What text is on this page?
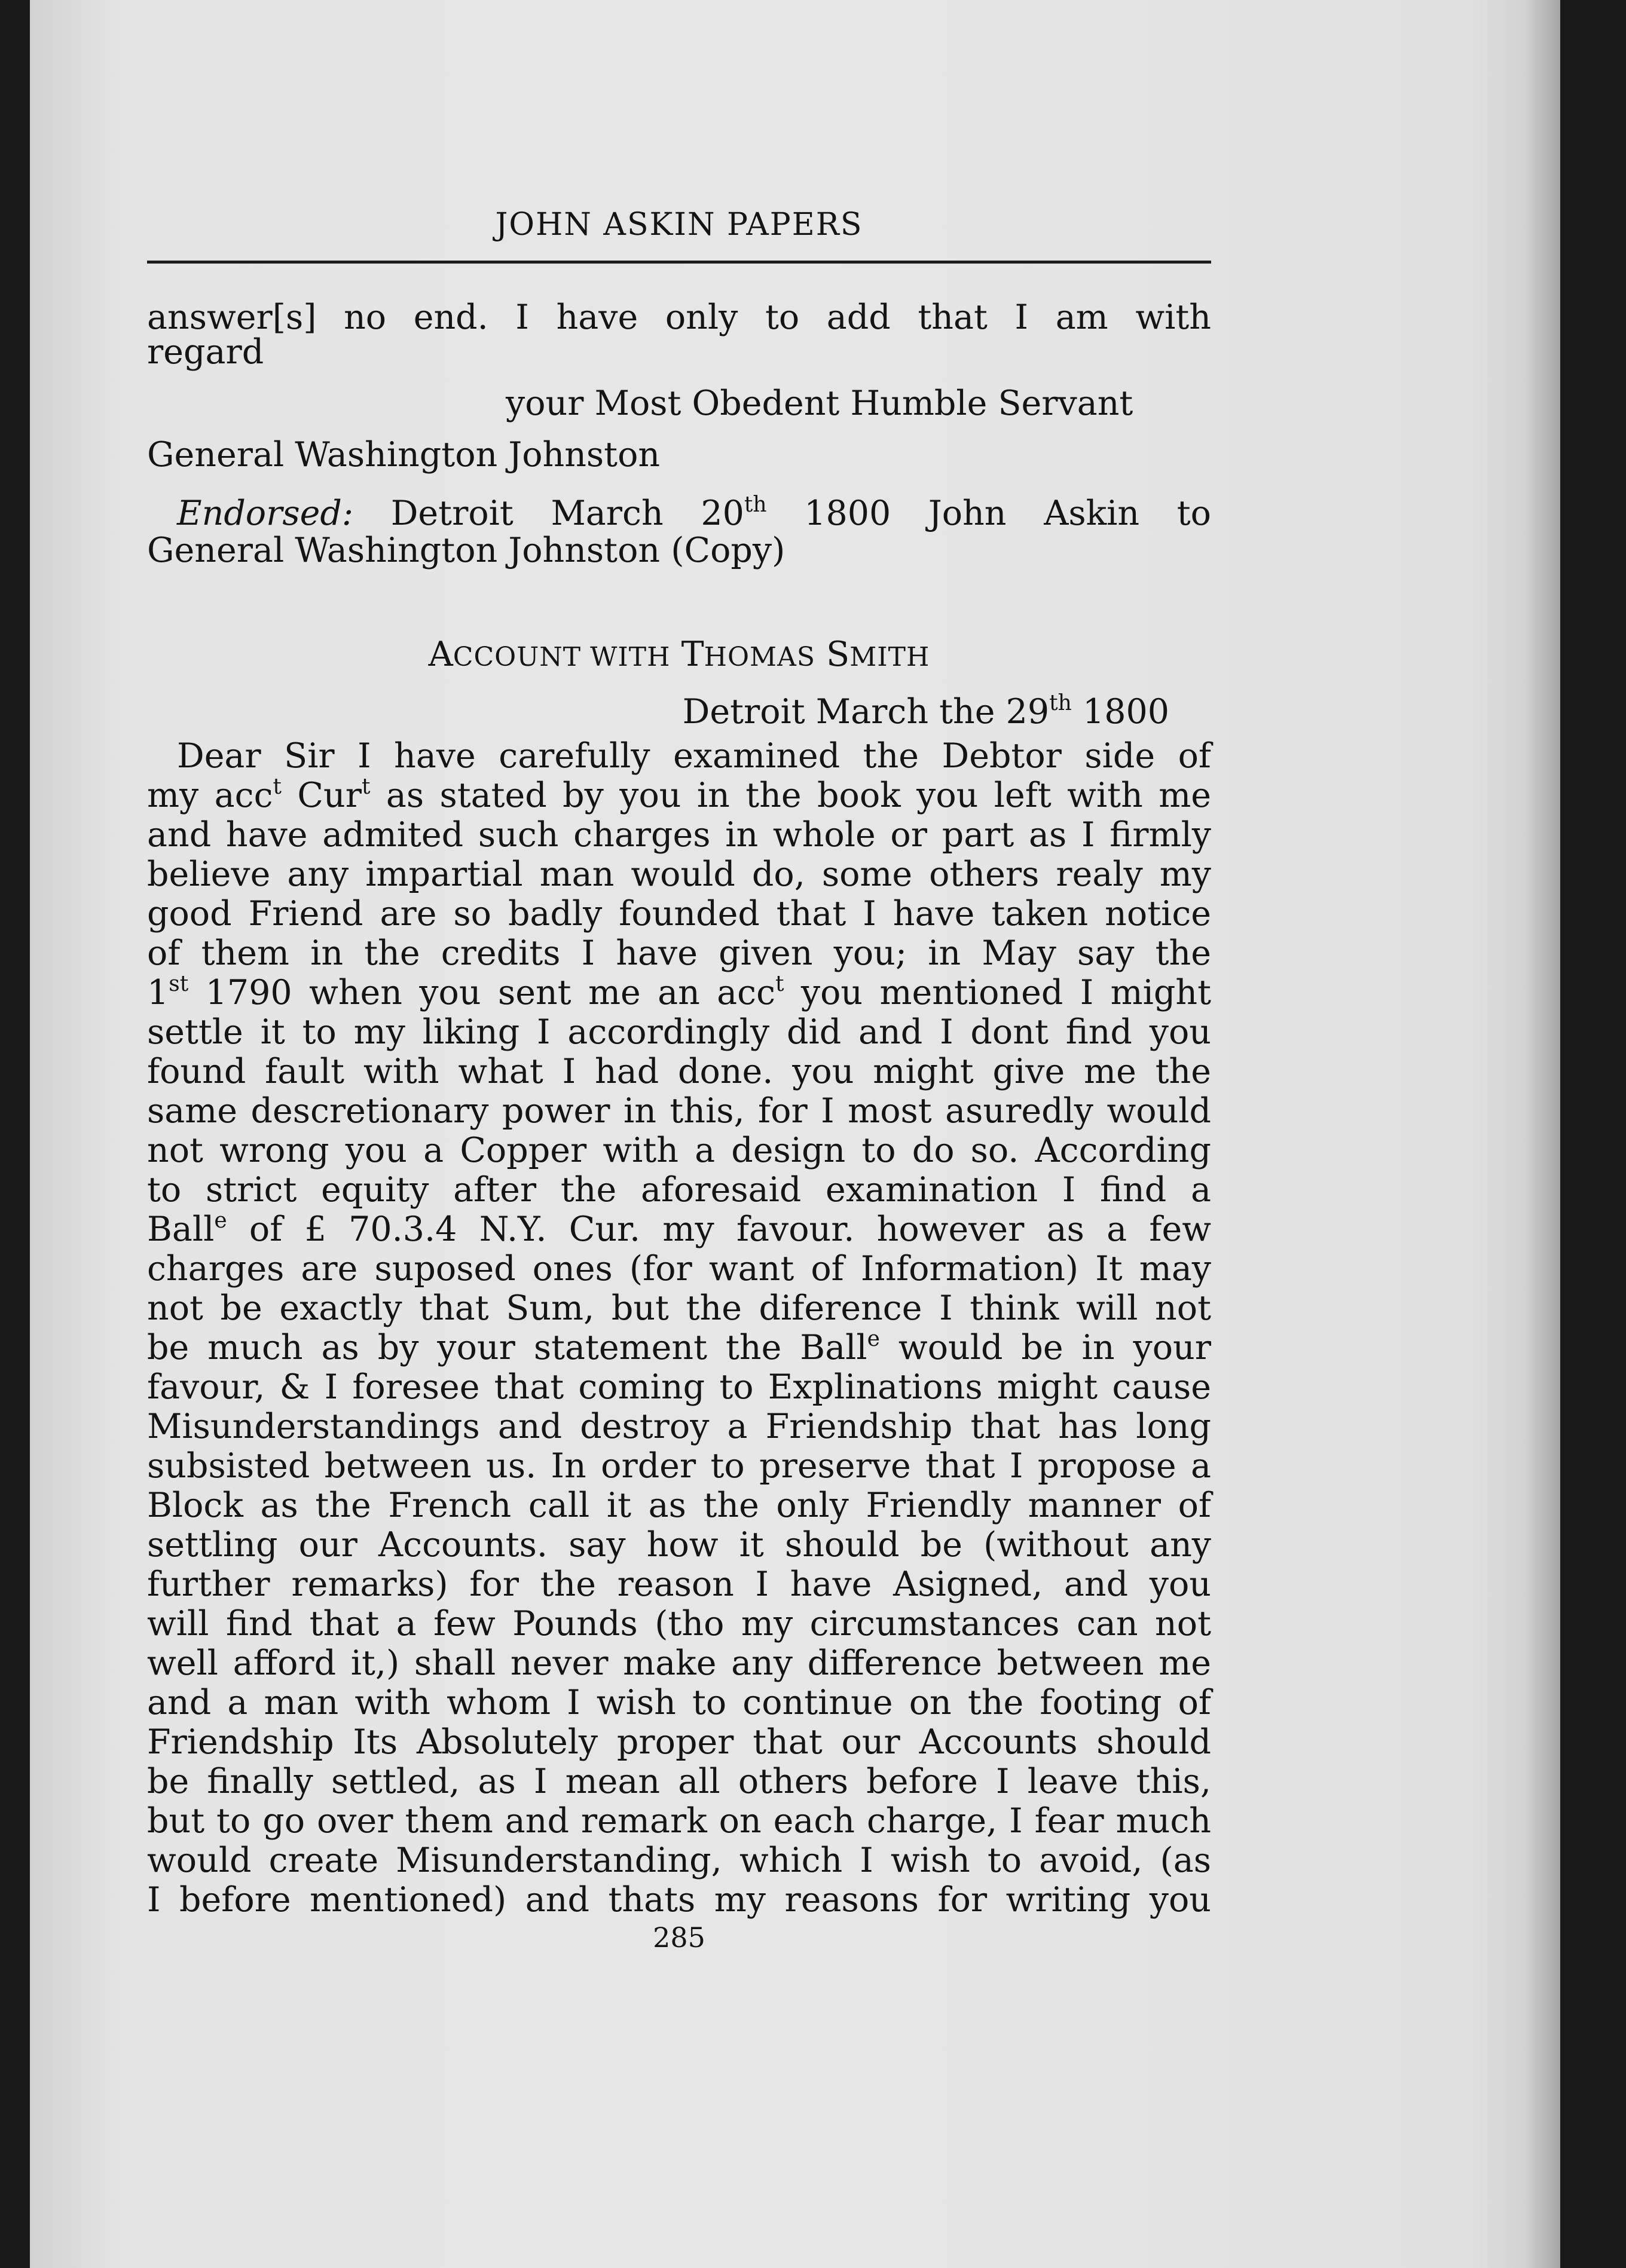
JOHN ASKIN PAPERS
answer[s] no end. I have only to add that I am with
regard
your Most Obedent Humble Servant
General Washington Johnston
Endorsed: Detroit March 20th 1800 John Askin to
General Washington Johnston (Copy)
ACCOUNT WITH THOMAS SMITH
Detroit March the 29th 1800
Dear Sir I have carefully examined the Debtor side of
my acc$^t$ Cur$^t$ as stated by you in the book you left with me
and have admited such charges in whole or part as I firmly
believe any impartial man would do, some others realy my
good Friend are so badly founded that I have taken notice
of them in the credits I have given you; in May say the
1st 1790 when you sent me an acc$^t$ you mentioned I might
settle it to my liking I accordingly did and I dont find you
found fault with what I had done. you might give me the
same descretionary power in this, for I most asuredly would
not wrong you a Copper with a design to do so. According
to strict equity after the aforesaid examination I find a
Ball$^e$ of £ 70.3.4 N.Y. Cur. my favour. however as a few
charges are suposed ones (for want of Information) It may
not be exactly that Sum, but the diference I think will not
be much as by your statement the Ball$^e$ would be in your
favour, & I foresee that coming to Explinations might cause
Misunderstandings and destroy a Friendship that has long
subsisted between us. In order to preserve that I propose a
Block as the French call it as the only Friendly manner of
settling our Accounts. say how it should be (without any
further remarks) for the reason I have Asigned, and you
will find that a few Pounds (tho my circumstances can not
well afford it,) shall never make any difference between me
and a man with whom I wish to continue on the footing of
Friendship Its Absolutely proper that our Accounts should
be finally settled, as I mean all others before I leave this,
but to go over them and remark on each charge, I fear much
would create Misunderstanding, which I wish to avoid, (as
I before mentioned) and thats my reasons for writing you
285
